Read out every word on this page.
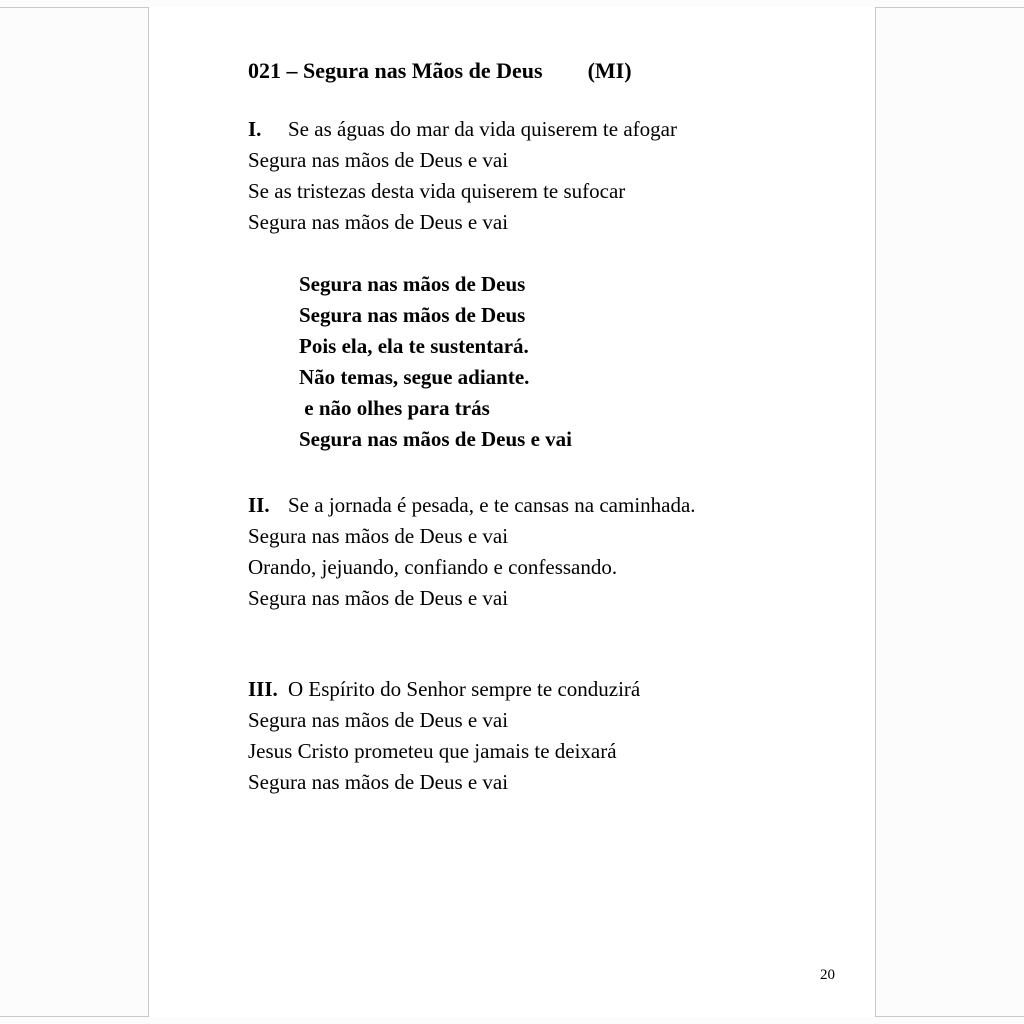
021 – Segura nas Mãos de Deus (MI)

I. Se as águas do mar da vida quiserem te afogar

Segura nas mãos de Deus e vai

Se as tristezas desta vida quiserem te sufocar

Segura nas mãos de Deus e vai

Segura nas mãos de Deus

Segura nas mãos de Deus

Pois ela, ela te sustentará.

Não temas, segue adiante.

e não olhes para trás

Segura nas mãos de Deus e vai

II. Se a jornada é pesada, e te cansas na caminhada.

Segura nas mãos de Deus e vai

Orando, jejuando, confiando e confessando.

Segura nas mãos de Deus e vai

III. O Espírito do Senhor sempre te conduzirá

Segura nas mãos de Deus e vai

Jesus Cristo prometeu que jamais te deixará

Segura nas mãos de Deus e vai

20
